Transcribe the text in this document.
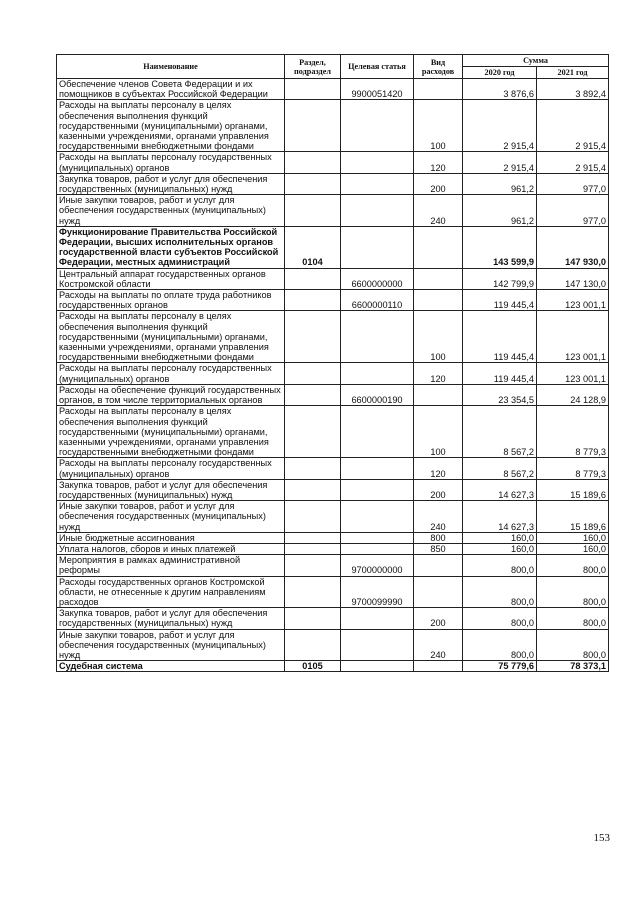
Наименование	Раздел, подраздел	Целевая статья	Вид расходов	Сумма	
				2020 год	2021 год
Обеспечение членов Совета Федерации и их помощников в субъектах Российской Федерации		9900051420		3 876,6	3 892,4
Расходы на выплаты персоналу в целях обеспечения выполнения функций государственными (муниципальными) органами, казенными учреждениями, органами управления государственными внебюджетными фондами			100	2 915,4	2 915,4
Расходы на выплаты персоналу государственных (муниципальных) органов			120	2 915,4	2 915,4
Закупка товаров, работ и услуг для обеспечения государственных (муниципальных) нужд			200	961,2	977,0
Иные закупки товаров, работ и услуг для обеспечения государственных (муниципальных) нужд			240	961,2	977,0
Функционирование Правительства Российской Федерации, высших исполнительных органов государственной власти субъектов Российской Федерации, местных администраций	0104			143 599,9	147 930,0
Центральный аппарат государственных органов Костромской области		6600000000		142 799,9	147 130,0
Расходы на выплаты по оплате труда работников государственных органов		6600000110		119 445,4	123 001,1
Расходы на выплаты персоналу в целях обеспечения выполнения функций государственными (муниципальными) органами, казенными учреждениями, органами управления государственными внебюджетными фондами			100	119 445,4	123 001,1
Расходы на выплаты персоналу государственных (муниципальных) органов			120	119 445,4	123 001,1
Расходы на обеспечение функций государственных органов, в том числе территориальных органов		6600000190		23 354,5	24 128,9
Расходы на выплаты персоналу в целях обеспечения выполнения функций государственными (муниципальными) органами, казенными учреждениями, органами управления государственными внебюджетными фондами			100	8 567,2	8 779,3
Расходы на выплаты персоналу государственных (муниципальных) органов			120	8 567,2	8 779,3
Закупка товаров, работ и услуг для обеспечения государственных (муниципальных) нужд			200	14 627,3	15 189,6
Иные закупки товаров, работ и услуг для обеспечения государственных (муниципальных) нужд			240	14 627,3	15 189,6
Иные бюджетные ассигнования			800	160,0	160,0
Уплата налогов, сборов и иных платежей			850	160,0	160,0
Мероприятия в рамках административной реформы		9700000000		800,0	800,0
Расходы государственных органов Костромской области, не отнесенные к другим направлениям расходов		9700099990		800,0	800,0
Закупка товаров, работ и услуг для обеспечения государственных (муниципальных) нужд			200	800,0	800,0
Иные закупки товаров, работ и услуг для обеспечения государственных (муниципальных) нужд			240	800,0	800,0
Судебная система	0105			75 779,6	78 373,1
153
